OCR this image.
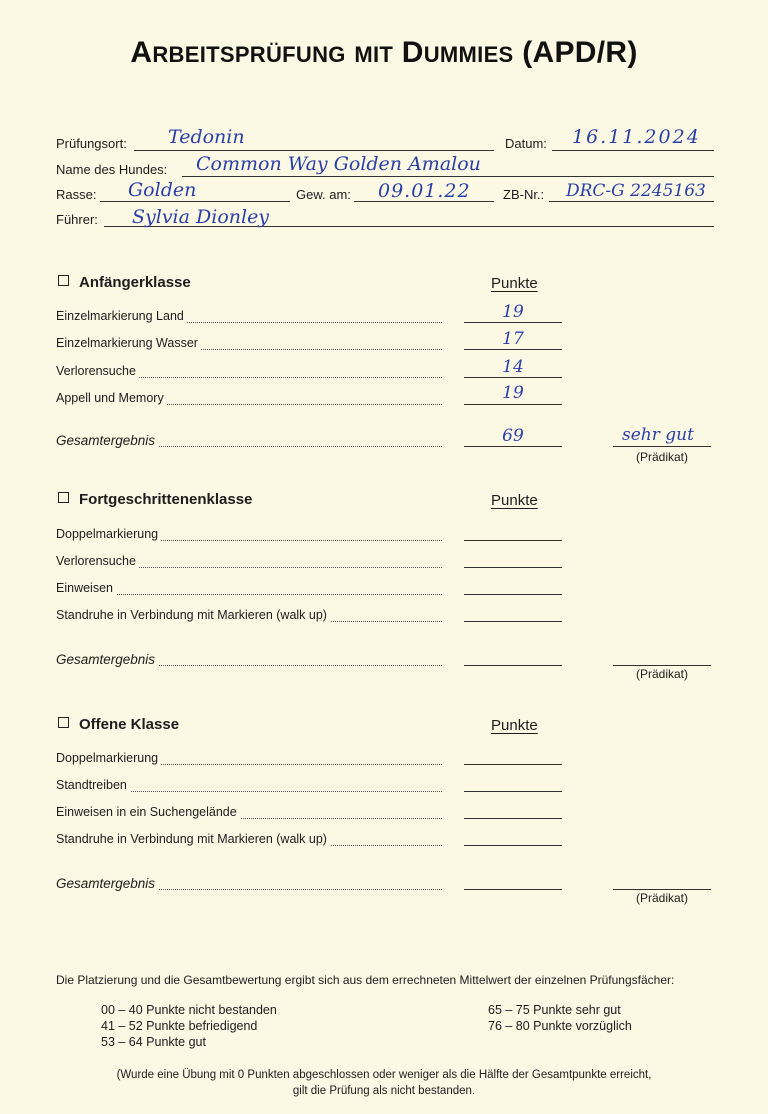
ARBEITSPRÜFUNG MIT DUMMIES (APD/R)
Prüfungsort: Tedonin	Datum: 16.11.2024
Name des Hundes: Common Way Golden Amalou
Rasse: Golden	Gew. am: 09.01.22 ZB-Nr.: DRC-G 2245163
Führer: Sylvia Dionley
Anfängerklasse	Punkte
Einzelmarkierung Land	19
Einzelmarkierung Wasser	17
Verlorensuche	14
Appell und Memory	19
Gesamtergebnis	69	sehr gut
(Prädikat)
Fortgeschrittenenklasse	Punkte
Doppelmarkierung
Verlorensuche
Einweisen
Standruhe in Verbindung mit Markieren (walk up)
Gesamtergebnis
(Prädikat)
Offene Klasse	Punkte
Doppelmarkierung
Standtreiben
Einweisen in ein Suchengelände
Standruhe in Verbindung mit Markieren (walk up)
Gesamtergebnis
(Prädikat)
Die Platzierung und die Gesamtbewertung ergibt sich aus dem errechneten Mittelwert der einzelnen Prüfungsfächer:
00 – 40 Punkte nicht bestanden
41 – 52 Punkte befriedigend
53 – 64 Punkte gut
65 – 75 Punkte sehr gut
76 – 80 Punkte vorzüglich
(Wurde eine Übung mit 0 Punkten abgeschlossen oder weniger als die Hälfte der Gesamtpunkte erreicht,
gilt die Prüfung als nicht bestanden.
